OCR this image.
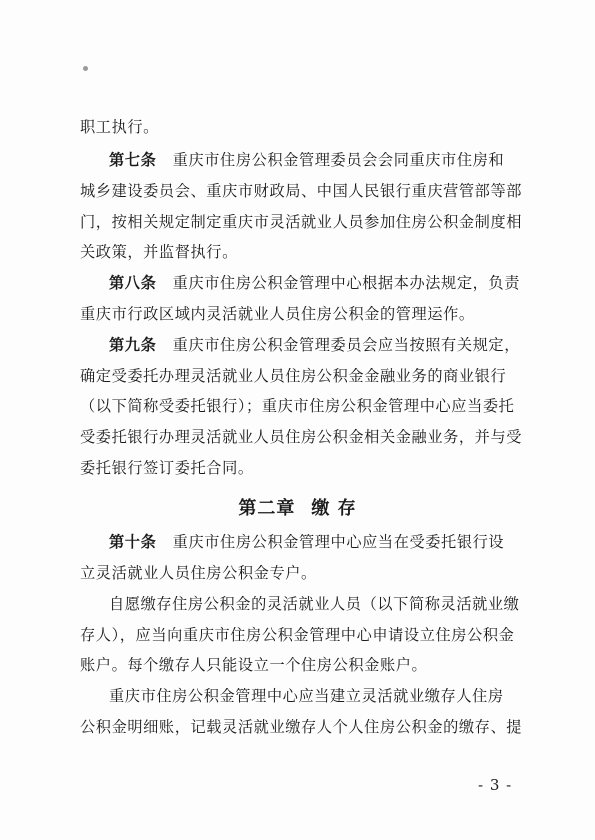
职工执行。
第七条 重庆市住房公积金管理委员会会同重庆市住房和
城乡建设委员会、重庆市财政局、中国人民银行重庆营管部等部
门，按相关规定制定重庆市灵活就业人员参加住房公积金制度相
关政策，并监督执行。
第八条 重庆市住房公积金管理中心根据本办法规定，负责
重庆市行政区域内灵活就业人员住房公积金的管理运作。
第九条 重庆市住房公积金管理委员会应当按照有关规定，
确定受委托办理灵活就业人员住房公积金金融业务的商业银行
（以下简称受委托银行）；重庆市住房公积金管理中心应当委托
受委托银行办理灵活就业人员住房公积金相关金融业务，并与受
委托银行签订委托合同。
第二章 缴 存
第十条 重庆市住房公积金管理中心应当在受委托银行设
立灵活就业人员住房公积金专户。
自愿缴存住房公积金的灵活就业人员（以下简称灵活就业缴
存人），应当向重庆市住房公积金管理中心申请设立住房公积金
账户。每个缴存人只能设立一个住房公积金账户。
重庆市住房公积金管理中心应当建立灵活就业缴存人住房
公积金明细账，记载灵活就业缴存人个人住房公积金的缴存、提
- 3 -
